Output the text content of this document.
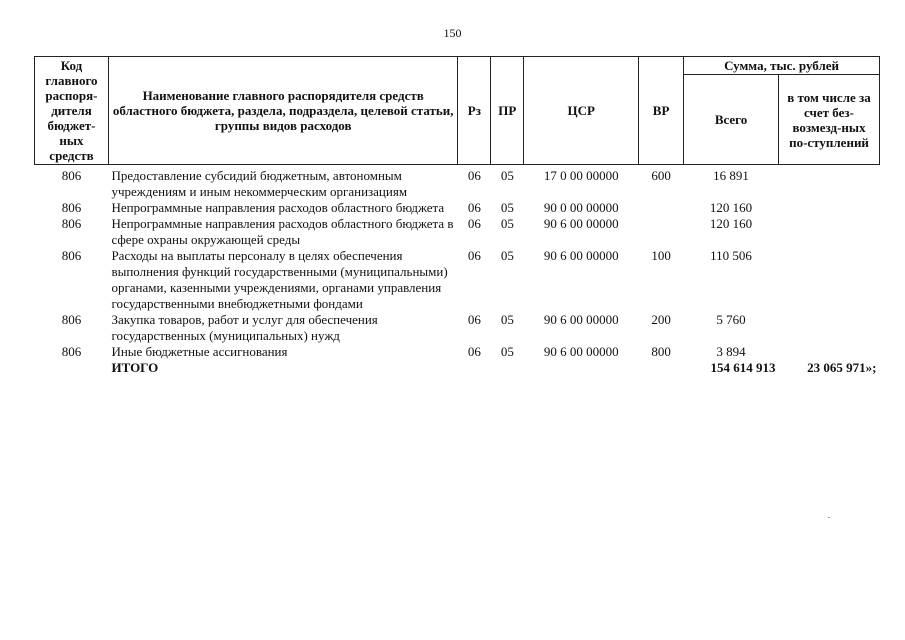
150
Код главного распоря-дителя бюджет-ных средств	Наименование главного распорядителя средств областного бюджета, раздела, подраздела, целевой статьи, группы видов расходов	Рз	ПР	ЦСР	ВР	Сумма, тыс. рублей	
						Всего	в том числе за счет без-возмезд-ных по-ступлений
806	Предоставление субсидий бюджетным, автономным учреждениям и иным некоммерческим организациям	06	05	17 0 00 00000	600	16 891	
806	Непрограммные направления расходов областного бюджета	06	05	90 0 00 00000		120 160	
806	Непрограммные направления расходов областного бюджета в сфере охраны окружающей среды	06	05	90 6 00 00000		120 160	
806	Расходы на выплаты персоналу в целях обеспечения выполнения функций государственными (муниципальными) органами, казенными учреждениями, органами управления государственными внебюджетными фондами	06	05	90 6 00 00000	100	110 506	
806	Закупка товаров, работ и услуг для обеспечения государственных (муниципальных) нужд	06	05	90 6 00 00000	200	5 760	
806	Иные бюджетные ассигнования	06	05	90 6 00 00000	800	3 894	
	ИТОГО					154 614 913	23 065 971»;
